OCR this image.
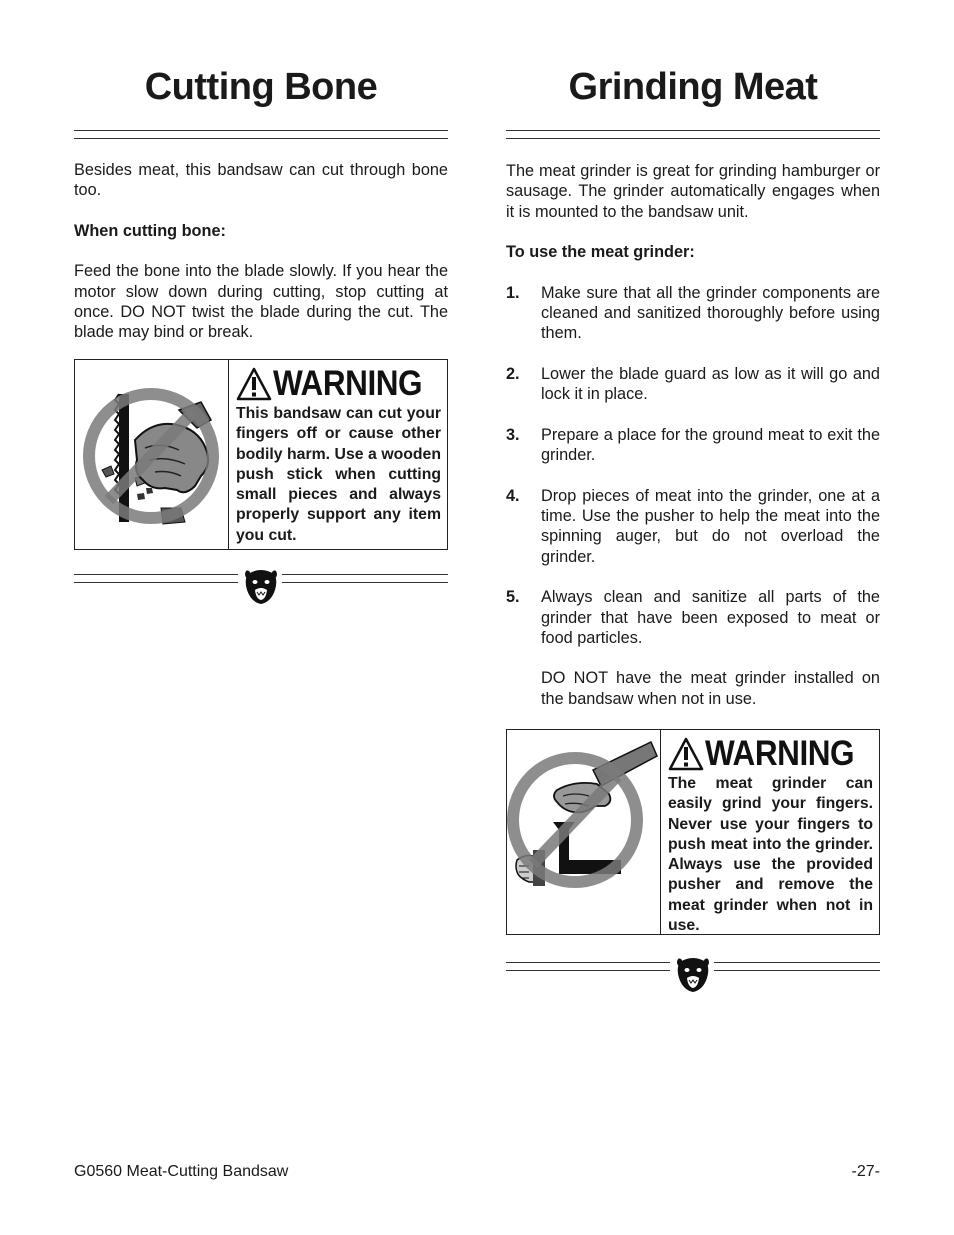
Cutting Bone

Besides meat, this bandsaw can cut through bone too.

When cutting bone:

Feed the bone into the blade slowly. If you hear the motor slow down during cutting, stop cutting at once. DO NOT twist the blade during the cut. The blade may bind or break.

WARNING

This bandsaw can cut your fingers off or cause other bodily harm. Use a wooden push stick when cutting small pieces and always properly support any item you cut.

Grinding Meat

The meat grinder is great for grinding hamburger or sausage. The grinder automatically engages when it is mounted to the bandsaw unit.

To use the meat grinder:

1. Make sure that all the grinder components are cleaned and sanitized thoroughly before using them.
2. Lower the blade guard as low as it will go and lock it in place.
3. Prepare a place for the ground meat to exit the grinder.
4. Drop pieces of meat into the grinder, one at a time. Use the pusher to help the meat into the spinning auger, but do not overload the grinder.
5. Always clean and sanitize all parts of the grinder that have been exposed to meat or food particles.

DO NOT have the meat grinder installed on the bandsaw when not in use.

WARNING

The meat grinder can easily grind your fingers. Never use your fingers to push meat into the grinder. Always use the provided pusher and remove the meat grinder when not in use.

G0560 Meat-Cutting Bandsaw	-27-
